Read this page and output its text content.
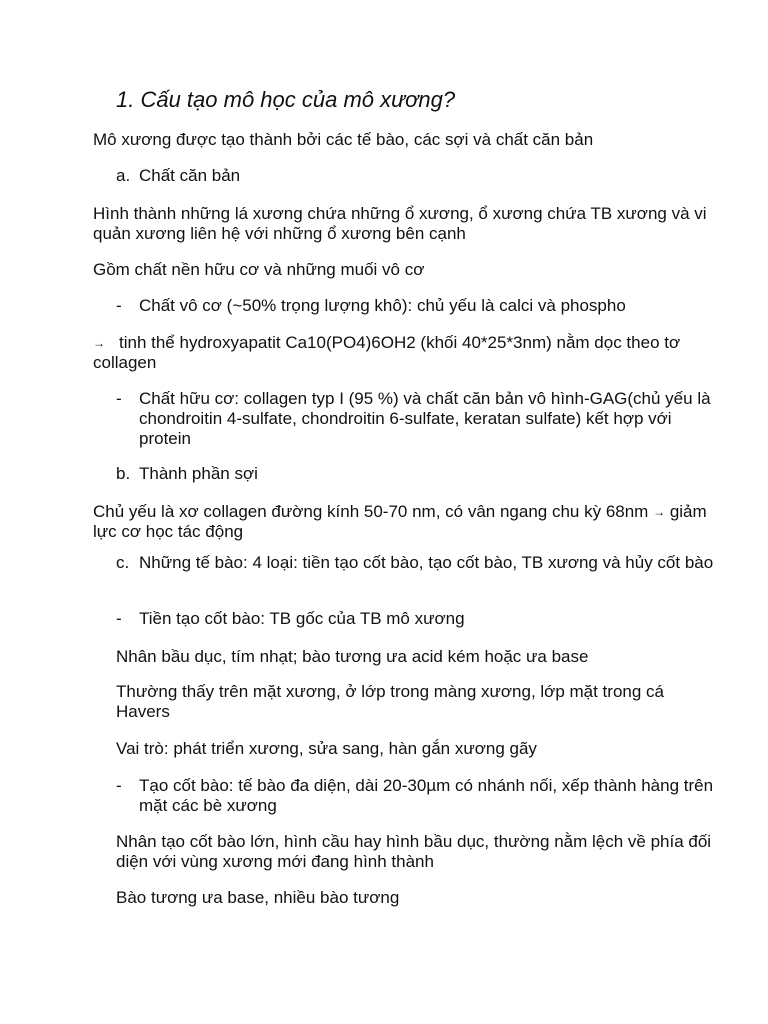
1. Cấu tạo mô học của mô xương?
Mô xương được tạo thành bởi các tế bào, các sợi và chất căn bản
a. Chất căn bản
Hình thành những lá xương chứa những ổ xương, ổ xương chứa TB xương và vi quản xương liên hệ với những ổ xương bên cạnh
Gồm chất nền hữu cơ và những muối vô cơ
-	Chất vô cơ (~50% trọng lượng khô): chủ yếu là calci và phospho
→ tinh thể hydroxyapatit Ca10(PO4)6OH2 (khối 40*25*3nm) nằm dọc theo tơ collagen
-	Chất hữu cơ: collagen typ I (95 %) và chất căn bản vô hình-GAG(chủ yếu là chondroitin 4-sulfate, chondroitin 6-sulfate, keratan sulfate) kết hợp với protein
b. Thành phần sợi
Chủ yếu là xơ collagen đường kính 50-70 nm, có vân ngang chu kỳ 68nm → giảm lực cơ học tác động
c. Những tế bào: 4 loại: tiền tạo cốt bào, tạo cốt bào, TB xương và hủy cốt bào
-	Tiền tạo cốt bào: TB gốc của TB mô xương
Nhân bầu dục, tím nhạt; bào tương ưa acid kém hoặc ưa base
Thường thấy trên mặt xương, ở lớp trong màng xương, lớp mặt trong cá Havers
Vai trò: phát triển xương, sửa sang, hàn gắn xương gãy
-	Tạo cốt bào: tế bào đa diện, dài 20-30µm có nhánh nối, xếp thành hàng trên mặt các bè xương
Nhân tạo cốt bào lớn, hình cầu hay hình bầu dục, thường nằm lệch về phía đối diện với vùng xương mới đang hình thành
Bào tương ưa base, nhiều bào tương
